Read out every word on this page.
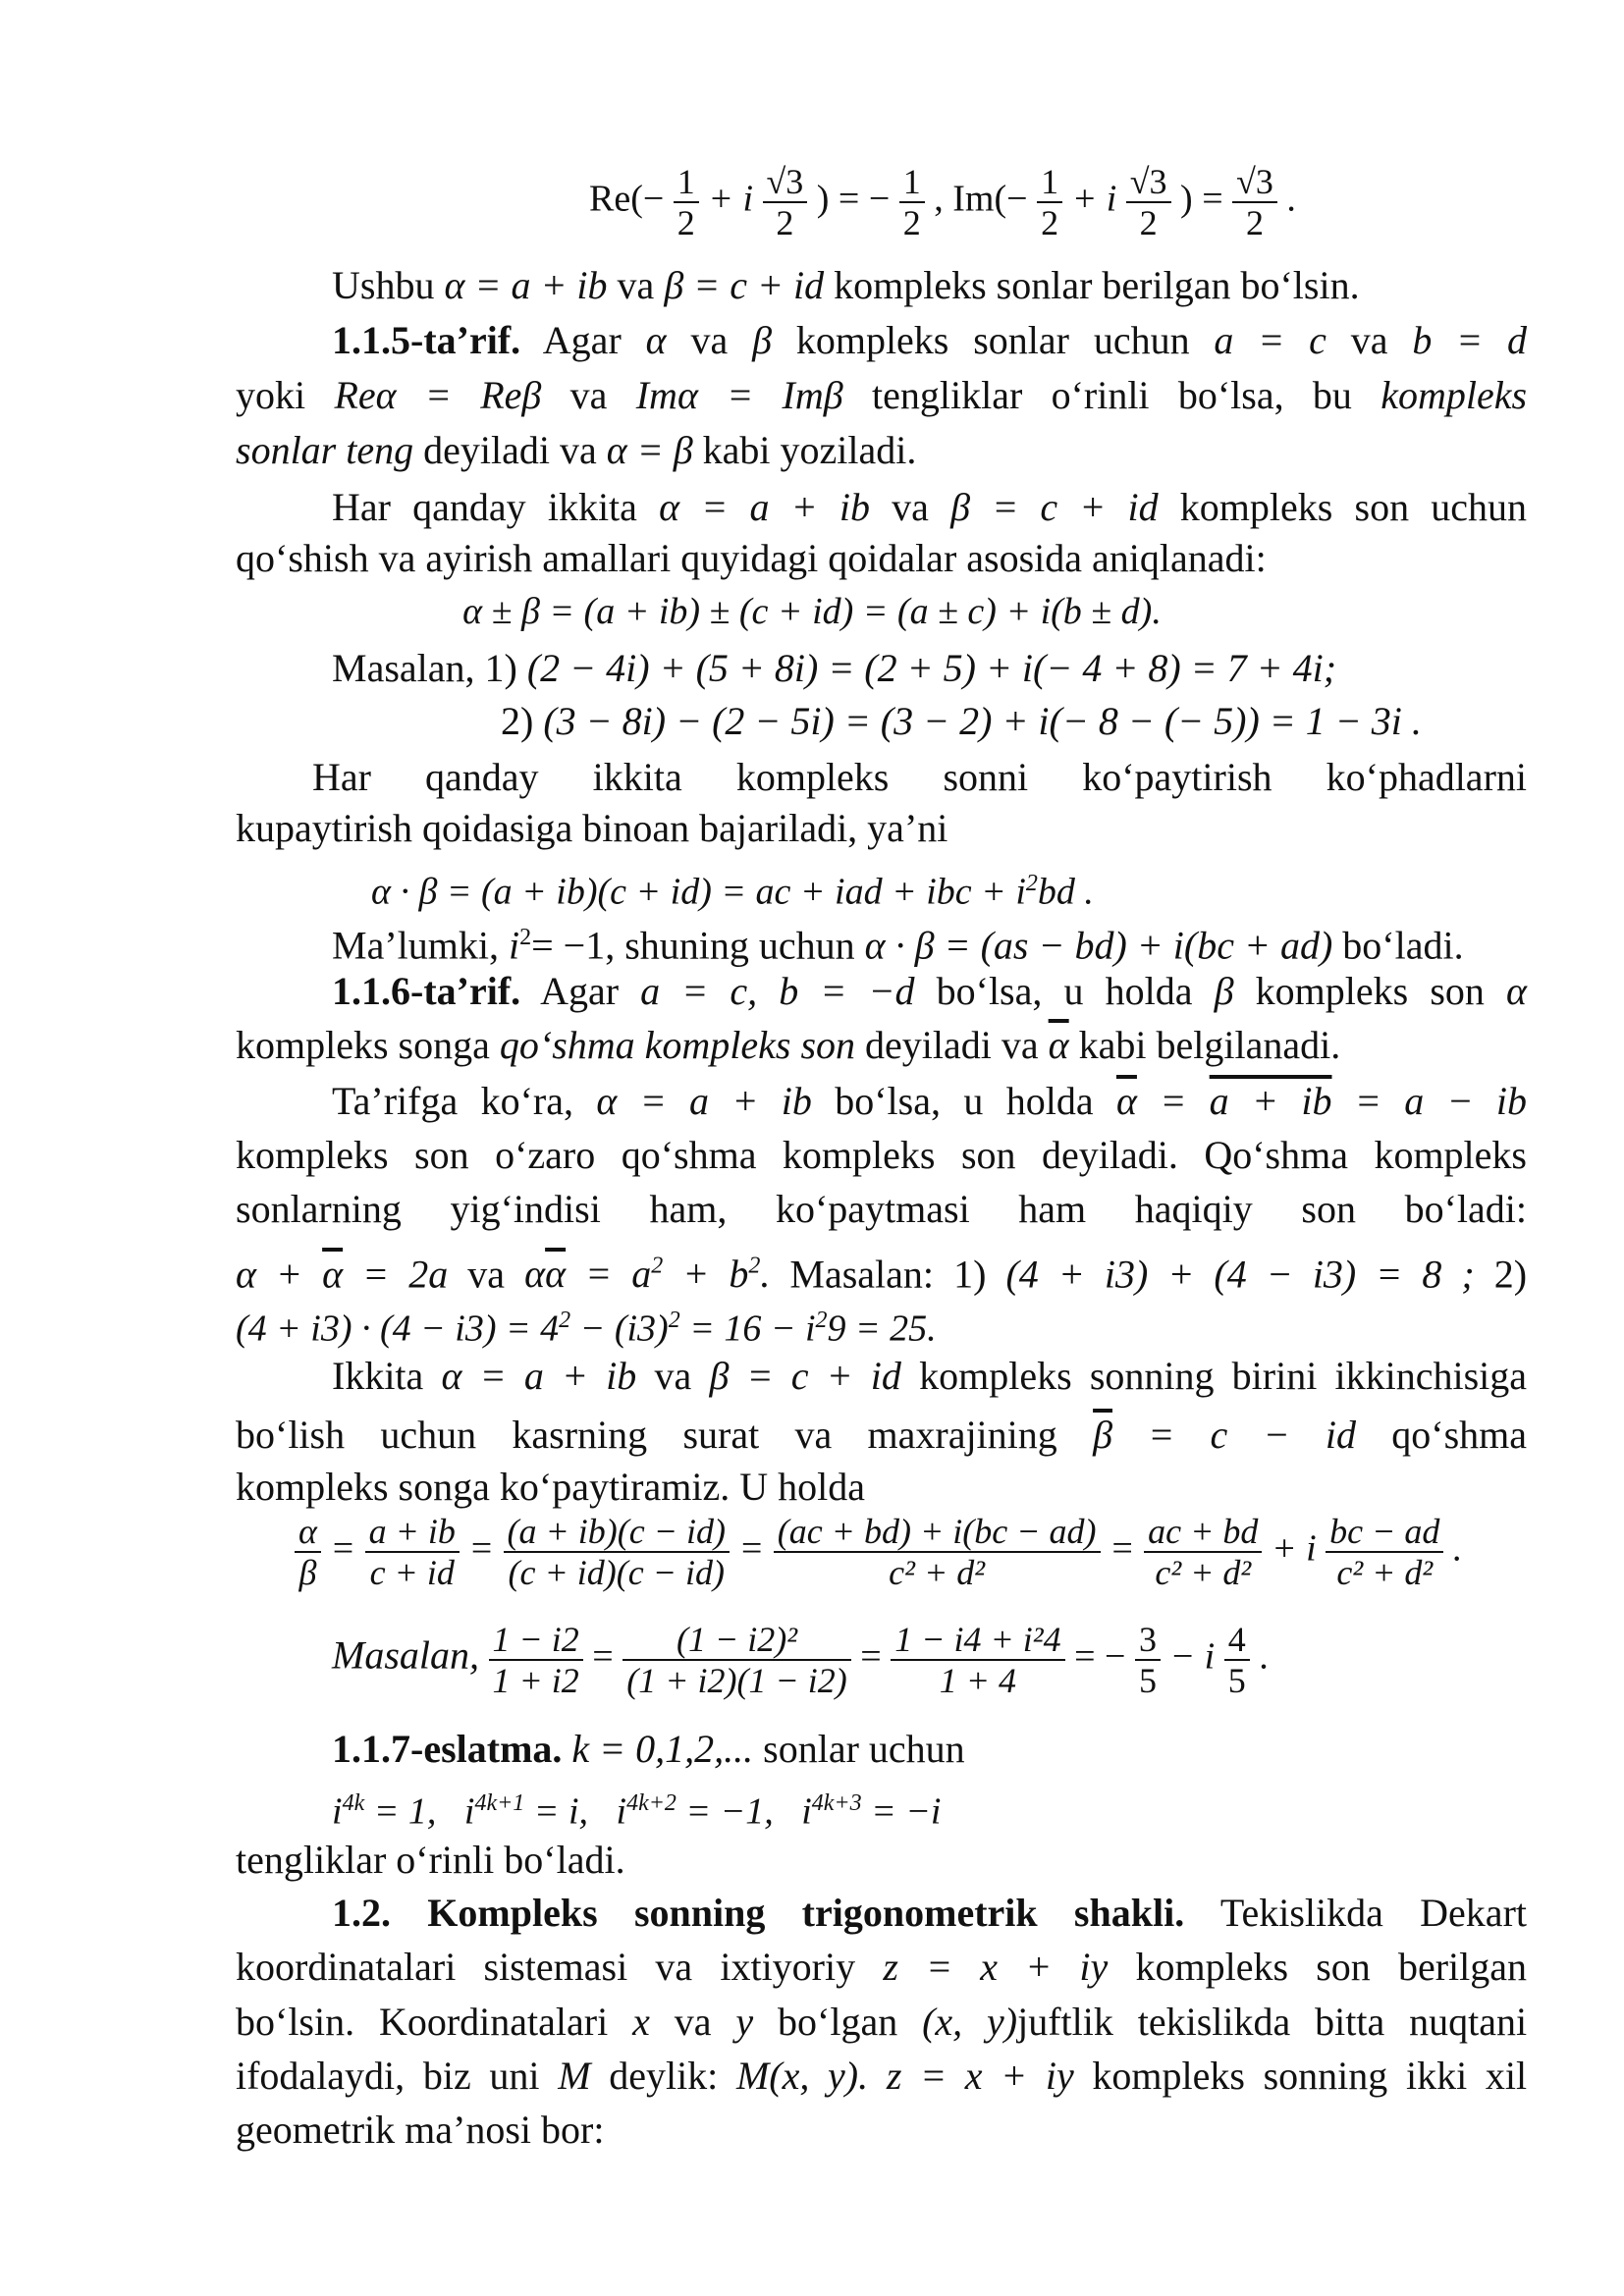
$Re(- \frac{1}{2} + i \frac{√3}{2}$ ) = − $\frac{1}{2}$ , $Im(- \frac{1}{2} + i \frac{√3}{2}$ ) = $\frac{√3}{2}$ .
Ushbu α = a + ib va β = c + id kompleks sonlar berilgan bo‘lsin.
1.1.5-ta’rif. Agar α va β kompleks sonlar uchun a = c va b = d
yoki Reα = Reβ va Imα = Imβ tengliklar o‘rinli bo‘lsa, bu kompleks
sonlar teng deyiladi va α = β kabi yoziladi.
Har qanday ikkita α = a + ib va β = c + id kompleks son uchun
qo‘shish va ayirish amallari quyidagi qoidalar asosida aniqlanadi:
α ± β = (a + ib) ± (c + id) = (a ± c) + i(b ± d).
Masalan, 1) (2 − 4i) + (5 + 8i) = (2 + 5) + i(− 4 + 8) = 7 + 4i;
2) (3 − 8i) − (2 − 5i) = (3 − 2) + i(− 8 − (− 5)) = 1 − 3i .
Har qanday ikkita kompleks sonni ko‘paytirish ko‘phadlarni
kupaytirish qoidasiga binoan bajariladi, ya’ni
α · β = (a + ib)(c + id) = ac + iad + ibc + $i^2bd$ .
Ma’lumki, $i^2= -1$, shuning uchun α · β = (as − bd) + i(bc + ad) bo‘ladi.
1.1.6-ta’rif. Agar a = c, b = −d bo‘lsa, u holda β kompleks son α
kompleks songa qo‘shma kompleks son deyiladi va $\overline{\alpha}$ kabi belgilanadi.
Ta’rifga ko‘ra, α = a + ib bo‘lsa, u holda $\overline{\alpha} = a$ + ib = a − ib
kompleks son o‘zaro qo‘shma kompleks son deyiladi. Qo‘shma kompleks
sonlarning yig‘indisi ham, ko‘paytmasi ham haqiqiy son bo‘ladi:
$\alpha + \overline{\alpha} = 2a$ va $\alpha\overline{\alpha} = a^2 + b^2$. Masalan: 1) (4 + i3) + (4 − i3) = 8 ; 2)
$(4 + i3) \cdot (4 - i3) = 4^2 - (i3)^2 = 16 - i^29 = 25$.
Ikkita α = a + ib va β = c + id kompleks sonning birini ikkinchisiga
bo‘lish uchun kasrning surat va maxrajining $\overline{\beta} = c$ − id qo‘shma
kompleks songa ko‘paytiramiz. U holda
$\frac{\alpha}{\beta} = \frac{a + ib}{c + id} = \frac{(a + ib)(c - id)}{(c + id)(c - id)} = \frac{(ac + bd) + i(bc - ad)}{\text{c² + d²}} = \frac{ac + bd}{\text{c² + d²}} + i \frac{bc - ad}{\text{c² + d²}}$ .
Masalan, $\frac{1 - i2}{1 + i2} = \frac{\text{(1 − i2)²}}{(1 + i2)(1 - i2)} = \frac{\text{1 − i4 + i²4}}{1 + 4}$ = − $\frac{3}{5} - i \frac{4}{5}$ .
1.1.7-eslatma. k = 0,1,2,... sonlar uchun
$i^{4k} = 1$, $i^{4k+1} = i$, $i^{4k+2} = -1$, $i^{4k+3} = -i$
tengliklar o‘rinli bo‘ladi.
1.2. Kompleks sonning trigonometrik shakli. Tekislikda Dekart
koordinatalari sistemasi va ixtiyoriy z = x + iy kompleks son berilgan
bo‘lsin. Koordinatalari x va y bo‘lgan (x, y)juftlik tekislikda bitta nuqtani
ifodalaydi, biz uni M deylik: M(x, y). z = x + iy kompleks sonning ikki xil
geometrik ma’nosi bor:
